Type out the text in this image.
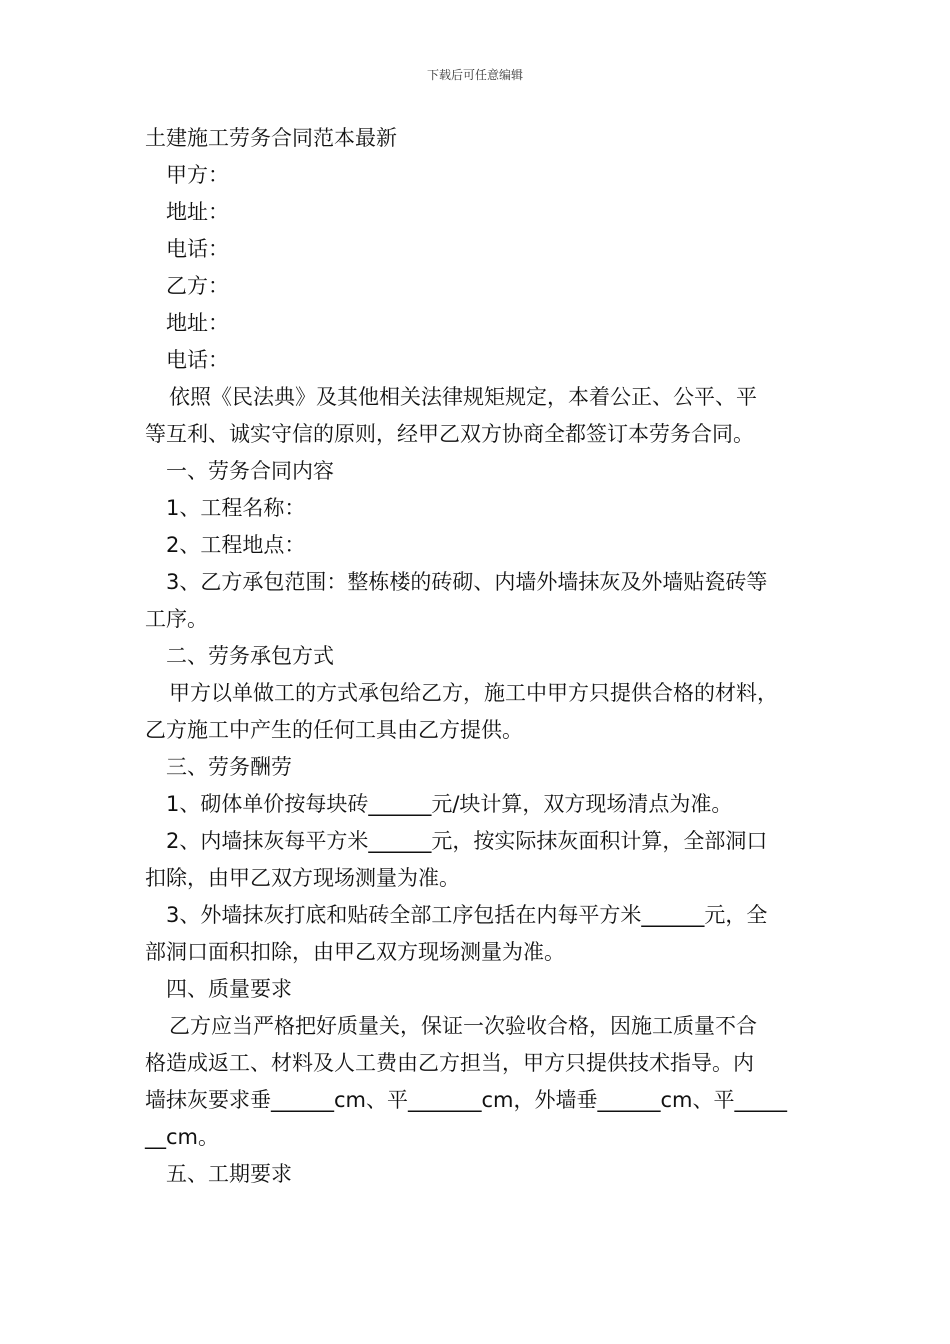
下载后可任意编辑

土建施工劳务合同范本最新

甲方：

地址：

电话：

乙方：

地址：

电话：

依照《民法典》及其他相关法律规矩规定，本着公正、公平、平

等互利、诚实守信的原则，经甲乙双方协商全都签订本劳务合同。

一、劳务合同内容

1、工程名称：

2、工程地点：

3、乙方承包范围：整栋楼的砖砌、内墙外墙抹灰及外墙贴瓷砖等

工序。

二、劳务承包方式

甲方以单做工的方式承包给乙方，施工中甲方只提供合格的材料，

乙方施工中产生的任何工具由乙方提供。

三、劳务酬劳

1、砌体单价按每块砖______元/块计算，双方现场清点为准。

2、内墙抹灰每平方米______元，按实际抹灰面积计算，全部洞口

扣除，由甲乙双方现场测量为准。

3、外墙抹灰打底和贴砖全部工序包括在内每平方米______元，全

部洞口面积扣除，由甲乙双方现场测量为准。

四、质量要求

乙方应当严格把好质量关，保证一次验收合格，因施工质量不合

格造成返工、材料及人工费由乙方担当，甲方只提供技术指导。内

墙抹灰要求垂______cm、平_______cm，外墙垂______cm、平_____

__cm。

五、工期要求
